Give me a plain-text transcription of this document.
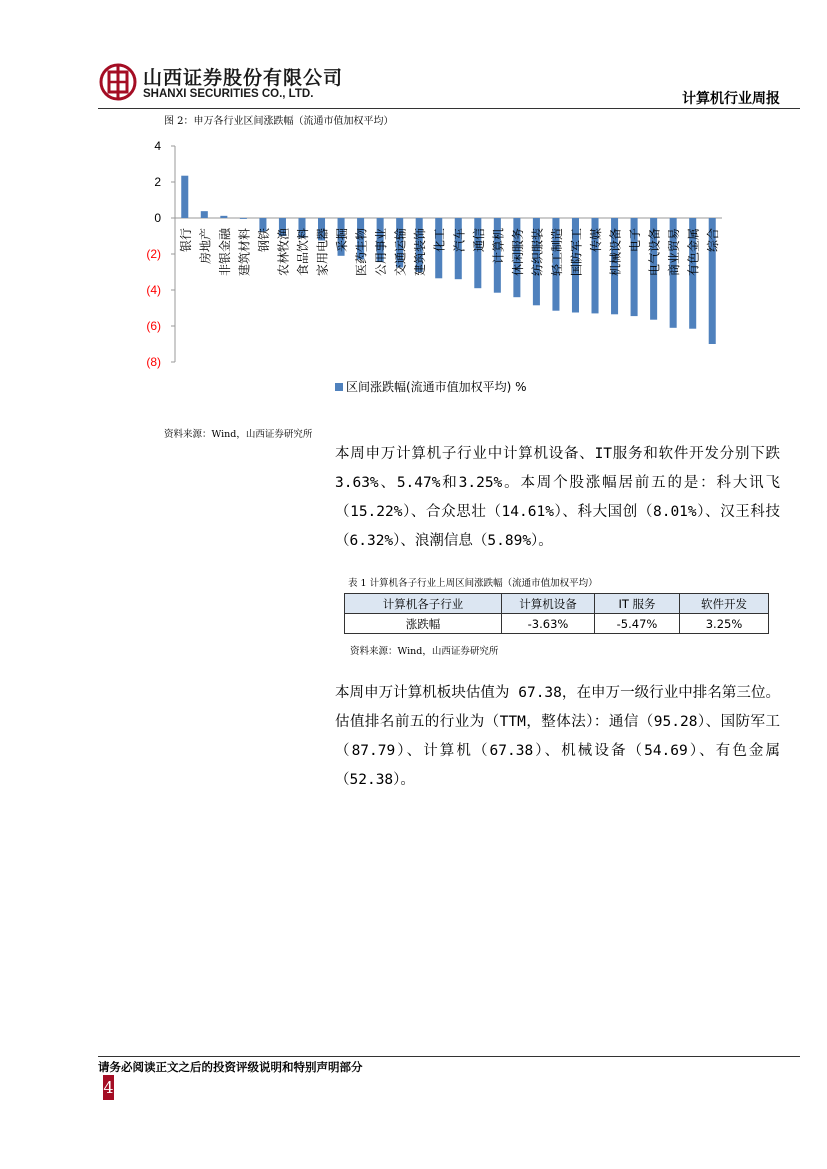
山西证券股份有限公司
SHANXI SECURITIES CO., LTD.	计算机行业周报
图 2：申万各行业区间涨跌幅（流通市值加权平均）
4
2
0
(2)
(4)
(6)
(8)
银行 房地产 非银金融 建筑材料 钢铁 农林牧渔 食品饮料 家用电器 采掘 医药生物 公用事业 交通运输 建筑装饰 化工 汽车 通信 计算机 休闲服务 纺织服装 轻工制造 国防军工 传媒 机械设备 电子 电气设备 商业贸易 有色金属 综合
区间涨跌幅(流通市值加权平均) %
资料来源：Wind，山西证券研究所
本周申万计算机子行业中计算机设备、IT服务和软件开发分别下跌3.63%、5.47%和3.25%。本周个股涨幅居前五的是：科大讯飞（15.22%）、合众思壮（14.61%）、科大国创（8.01%）、汉王科技（6.32%）、浪潮信息（5.89%）。
表 1 计算机各子行业上周区间涨跌幅（流通市值加权平均）
计算机各子行业	计算机设备	IT 服务	软件开发
涨跌幅	-3.63%	-5.47%	3.25%
资料来源：Wind，山西证券研究所
本周申万计算机板块估值为 67.38，在申万一级行业中排名第三位。估值排名前五的行业为（TTM，整体法）：通信（95.28）、国防军工（87.79）、计算机（67.38）、机械设备（54.69）、有色金属（52.38）。
请务必阅读正文之后的投资评级说明和特别声明部分
4
